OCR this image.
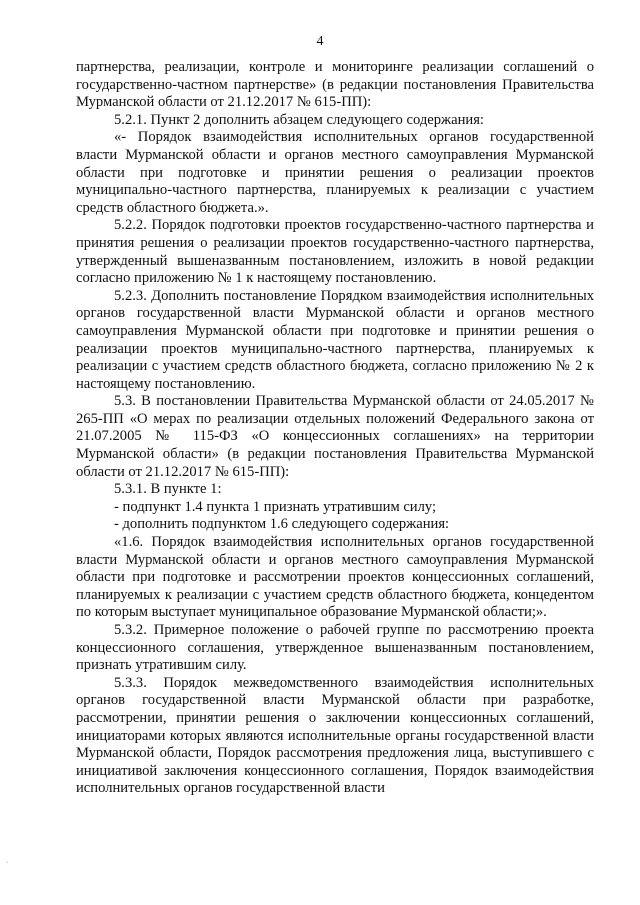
4

партнерства, реализации, контроле и мониторинге реализации соглашений о государственно-частном партнерстве» (в редакции постановления Правительства Мурманской области от 21.12.2017 № 615-ПП):

5.2.1. Пункт 2 дополнить абзацем следующего содержания:

«- Порядок взаимодействия исполнительных органов государственной власти Мурманской области и органов местного самоуправления Мурманской области при подготовке и принятии решения о реализации проектов муниципально-частного партнерства, планируемых к реализации с участием средств областного бюджета.».

5.2.2. Порядок подготовки проектов государственно-частного партнерства и принятия решения о реализации проектов государственно-частного партнерства, утвержденный вышеназванным постановлением, изложить в новой редакции согласно приложению № 1 к настоящему постановлению.

5.2.3. Дополнить постановление Порядком взаимодействия исполнительных органов государственной власти Мурманской области и органов местного самоуправления Мурманской области при подготовке и принятии решения о реализации проектов муниципально-частного партнерства, планируемых к реализации с участием средств областного бюджета, согласно приложению № 2 к настоящему постановлению.

5.3. В постановлении Правительства Мурманской области от 24.05.2017 № 265-ПП «О мерах по реализации отдельных положений Федерального закона от 21.07.2005 № 115-ФЗ «О концессионных соглашениях» на территории Мурманской области» (в редакции постановления Правительства Мурманской области от 21.12.2017 № 615-ПП):

5.3.1. В пункте 1:

- подпункт 1.4 пункта 1 признать утратившим силу;

- дополнить подпунктом 1.6 следующего содержания:

«1.6. Порядок взаимодействия исполнительных органов государственной власти Мурманской области и органов местного самоуправления Мурманской области при подготовке и рассмотрении проектов концессионных соглашений, планируемых к реализации с участием средств областного бюджета, концедентом по которым выступает муниципальное образование Мурманской области;».

5.3.2. Примерное положение о рабочей группе по рассмотрению проекта концессионного соглашения, утвержденное вышеназванным постановлением, признать утратившим силу.

5.3.3. Порядок межведомственного взаимодействия исполнительных органов государственной власти Мурманской области при разработке, рассмотрении, принятии решения о заключении концессионных соглашений, инициаторами которых являются исполнительные органы государственной власти Мурманской области, Порядок рассмотрения предложения лица, выступившего с инициативой заключения концессионного соглашения, Порядок взаимодействия исполнительных органов государственной власти

.
